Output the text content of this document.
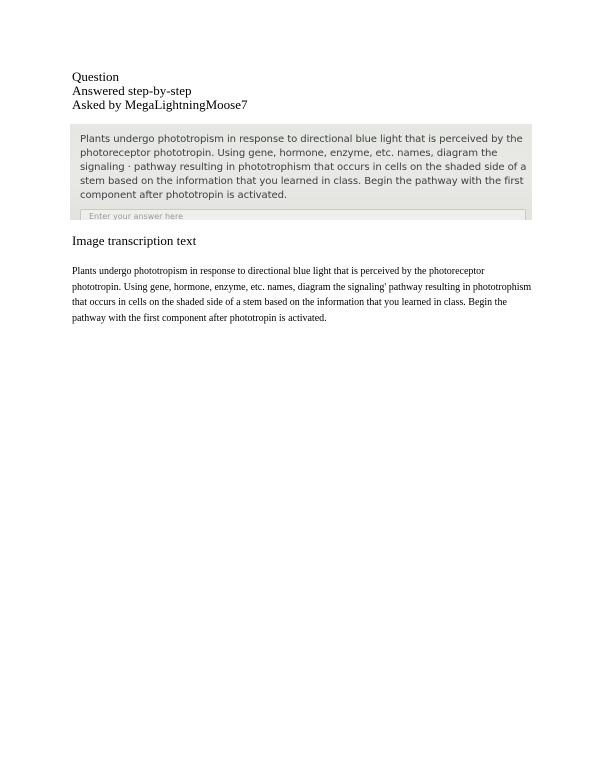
Question
Answered step-by-step
Asked by MegaLightningMoose7
Plants undergo phototropism in response to directional blue light that is perceived by the photoreceptor phototropin. Using gene, hormone, enzyme, etc. names, diagram the signaling · pathway resulting in phototrophism that occurs in cells on the shaded side of a stem based on the information that you learned in class. Begin the pathway with the first component after phototropin is activated.
Enter your answer here
Image transcription text
Plants undergo phototropism in response to directional blue light that is perceived by the photoreceptor phototropin. Using gene, hormone, enzyme, etc. names, diagram the signaling' pathway resulting in phototrophism that occurs in cells on the shaded side of a stem based on the information that you learned in class. Begin the pathway with the first component after phototropin is activated.
